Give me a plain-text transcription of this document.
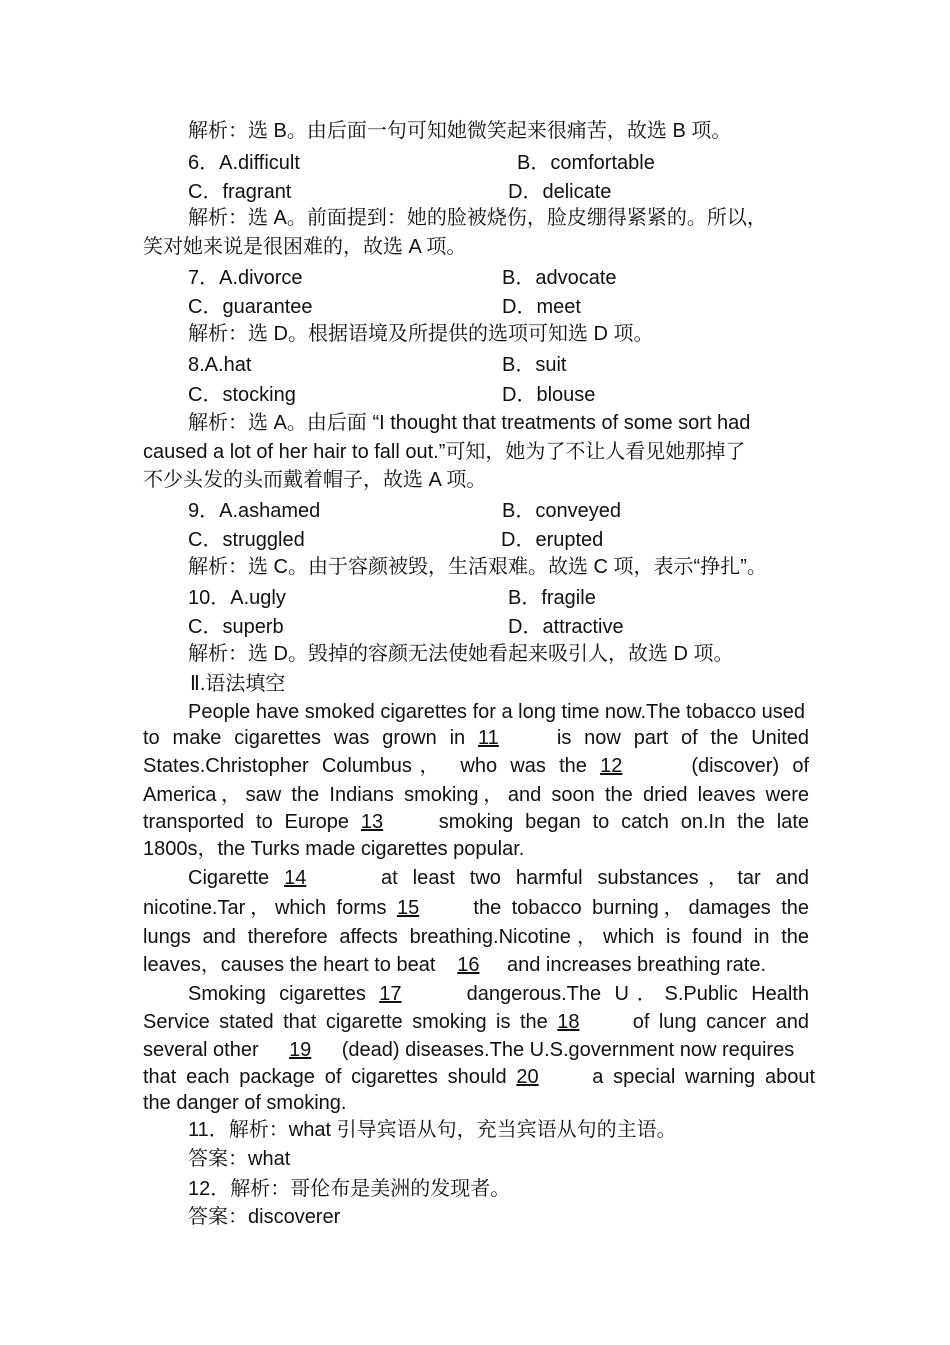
解析：选 B。由后面一句可知她微笑起来很痛苦，故选 B 项。
6．A.difficult	B．comfortable
C．fragrant	D．delicate
解析：选 A。前面提到：她的脸被烧伤，脸皮绷得紧紧的。所以，
笑对她来说是很困难的，故选 A 项。
7．A.divorce	B．advocate
C．guarantee	D．meet
解析：选 D。根据语境及所提供的选项可知选 D 项。
8.A.hat	B．suit
C．stocking	D．blouse
解析：选 A。由后面 “I thought that treatments of some sort had
caused a lot of her hair to fall out.”可知，她为了不让人看见她那掉了
不少头发的头而戴着帽子，故选 A 项。
9．A.ashamed	B．conveyed
C．struggled	D．erupted
解析：选 C。由于容颜被毁，生活艰难。故选 C 项，表示“挣扎”。
10．A.ugly	B．fragile
C．superb	D．attractive
解析：选 D。毁掉的容颜无法使她看起来吸引人，故选 D 项。
Ⅱ.语法填空
People have smoked cigarettes for a long time now.The tobacco used
to make cigarettes was grown in 11	is now part of the United
States.Christopher Columbus， who was the 12	(discover) of
America，saw the Indians smoking，and soon the dried leaves were
transported to Europe 13	smoking began to catch on.In the late
1800s，the Turks made cigarettes popular.
Cigarette 14	at least two harmful substances，tar and
nicotine.Tar，which forms 15	the tobacco burning，damages the
lungs and therefore affects breathing.Nicotine，which is found in the
leaves，causes the heart to beat 16 and increases breathing rate.
Smoking cigarettes 17	dangerous.The U．S.Public Health
Service stated that cigarette smoking is the 18	of lung cancer and
several other 19 (dead) diseases.The U.S.government now requires
that each package of cigarettes should 20	a special warning about
the danger of smoking.
11．解析：what 引导宾语从句，充当宾语从句的主语。
答案：what
12．解析：哥伦布是美洲的发现者。
答案：discoverer
